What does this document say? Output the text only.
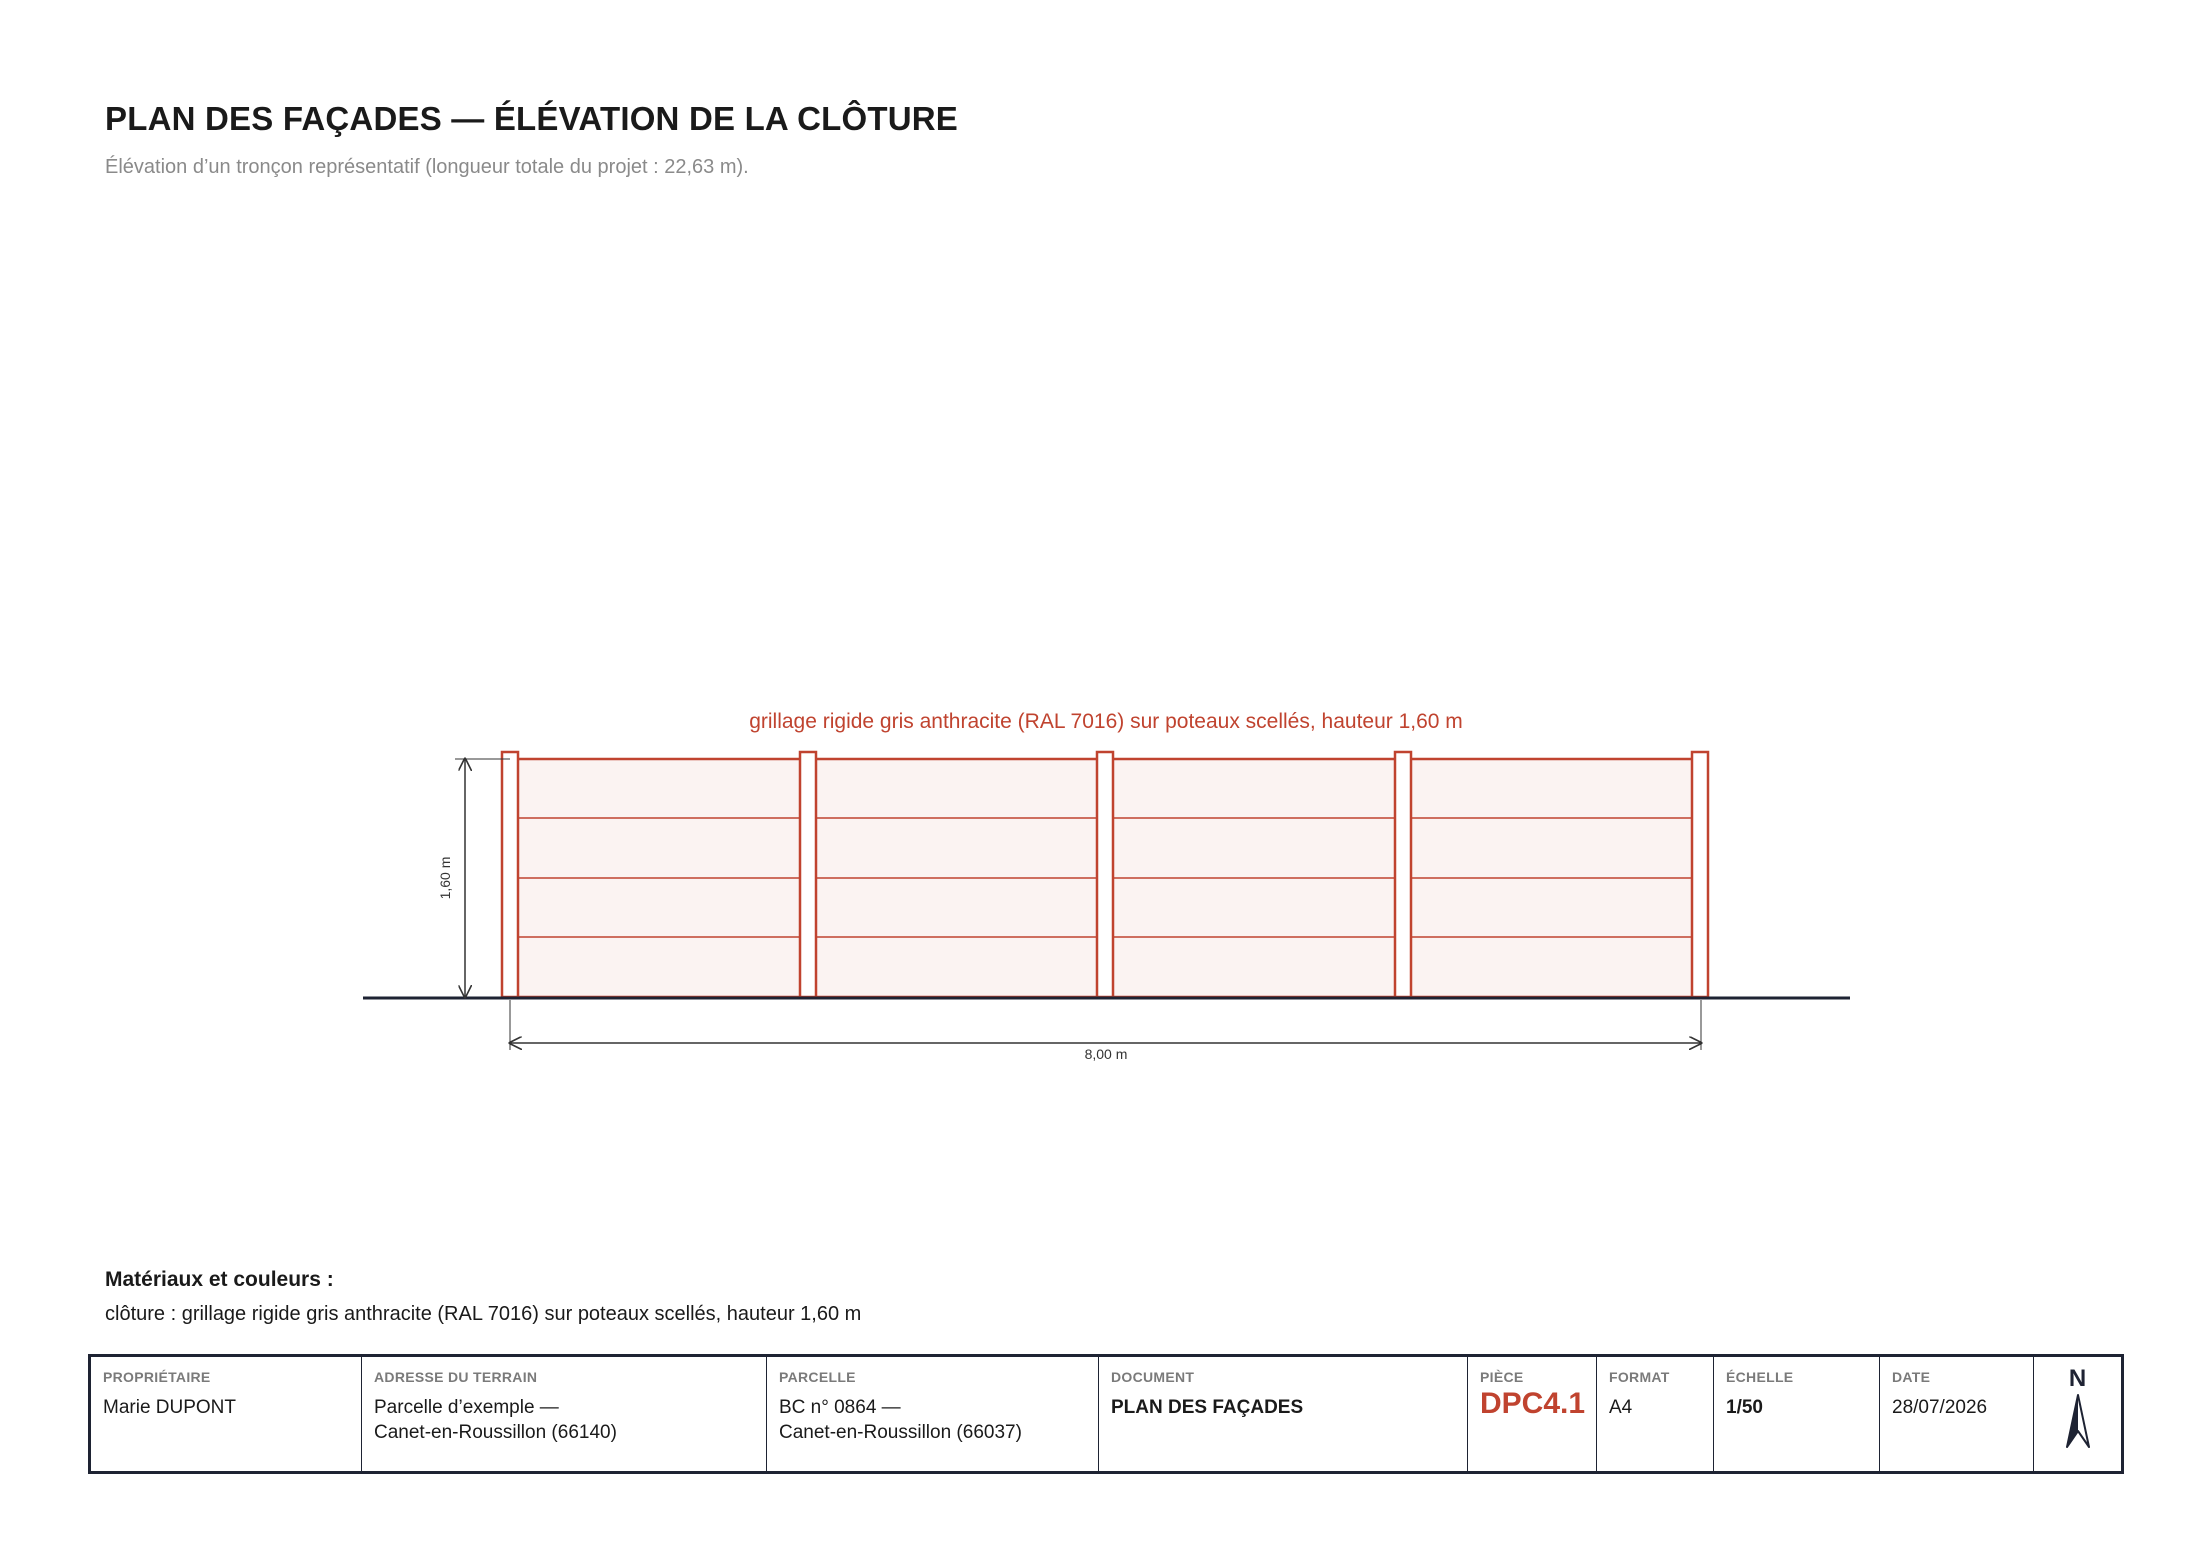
PLAN DES FAÇADES — ÉLÉVATION DE LA CLÔTURE
Élévation d’un tronçon représentatif (longueur totale du projet : 22,63 m).
grillage rigide gris anthracite (RAL 7016) sur poteaux scellés, hauteur 1,60 m
1,60 m
8,00 m
Matériaux et couleurs :
clôture : grillage rigide gris anthracite (RAL 7016) sur poteaux scellés, hauteur 1,60 m
PROPRIÉTAIRE
Marie DUPONT
ADRESSE DU TERRAIN
Parcelle d’exemple —
Canet-en-Roussillon (66140)
PARCELLE
BC n° 0864 —
Canet-en-Roussillon (66037)
DOCUMENT
PLAN DES FAÇADES
PIÈCE
DPC4.1
FORMAT
A4
ÉCHELLE
1/50
DATE
28/07/2026
N
